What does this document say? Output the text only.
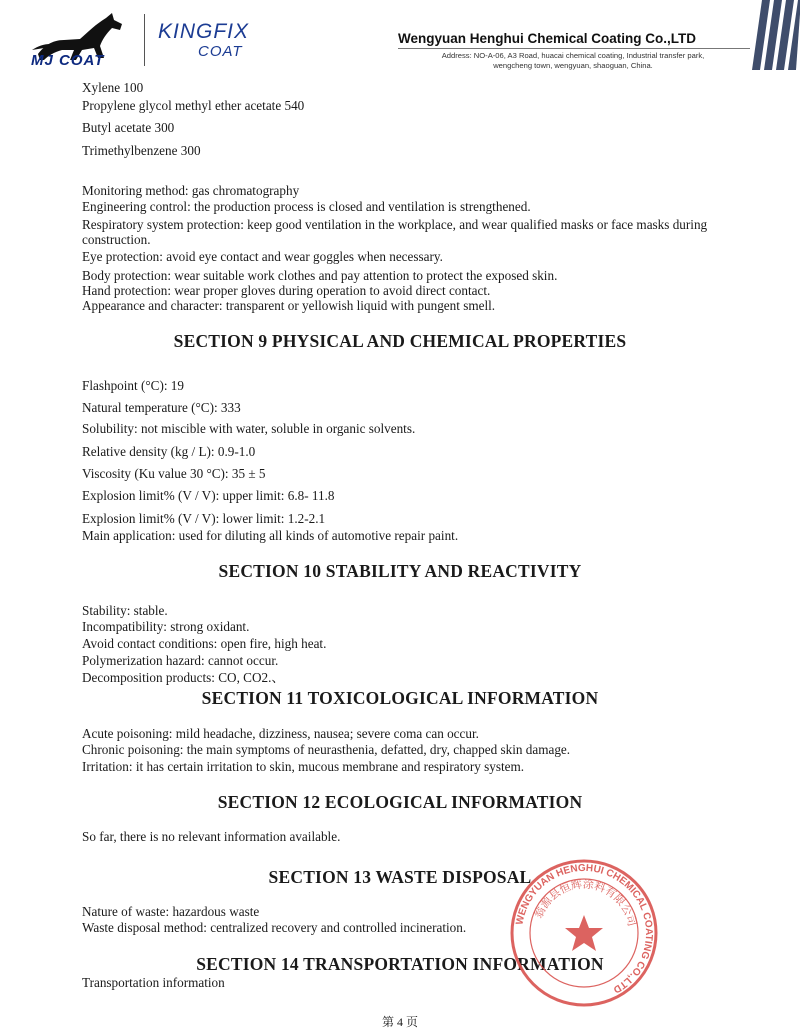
MJ COAT
KINGFIX
COAT
Wengyuan Henghui Chemical Coating Co.,LTD
Address: NO-A-06, A3 Road, huacai chemical coating, Industrial transfer park,
wengcheng town, wengyuan, shaoguan, China.
Xylene 100
Propylene glycol methyl ether acetate 540
Butyl acetate 300
Trimethylbenzene 300
Monitoring method: gas chromatography
Engineering control: the production process is closed and ventilation is strengthened.
Respiratory system protection: keep good ventilation in the workplace, and wear qualified masks or face masks during construction.
Eye protection: avoid eye contact and wear goggles when necessary.
Body protection: wear suitable work clothes and pay attention to protect the exposed skin.
Hand protection: wear proper gloves during operation to avoid direct contact.
Appearance and character: transparent or yellowish liquid with pungent smell.
SECTION 9 PHYSICAL AND CHEMICAL PROPERTIES
Flashpoint (°C): 19
Natural temperature (°C): 333
Solubility: not miscible with water, soluble in organic solvents.
Relative density (kg / L): 0.9-1.0
Viscosity (Ku value 30 °C): 35 ± 5
Explosion limit% (V / V): upper limit: 6.8- 11.8
Explosion limit% (V / V): lower limit: 1.2-2.1
Main application: used for diluting all kinds of automotive repair paint.
SECTION 10 STABILITY AND REACTIVITY
Stability: stable.
Incompatibility: strong oxidant.
Avoid contact conditions: open fire, high heat.
Polymerization hazard: cannot occur.
Decomposition products: CO, CO2.、
SECTION 11 TOXICOLOGICAL INFORMATION
Acute poisoning: mild headache, dizziness, nausea; severe coma can occur.
Chronic poisoning: the main symptoms of neurasthenia, defatted, dry, chapped skin damage.
Irritation: it has certain irritation to skin, mucous membrane and respiratory system.
SECTION 12 ECOLOGICAL INFORMATION
So far, there is no relevant information available.
SECTION 13 WASTE DISPOSAL
Nature of waste: hazardous waste
Waste disposal method: centralized recovery and controlled incineration.
SECTION 14 TRANSPORTATION INFORMATION
Transportation information
WENGYUAN HENGHUI CHEMICAL COATING CO.,LTD
翁源县恒辉涂料有限公司
第 4 页
